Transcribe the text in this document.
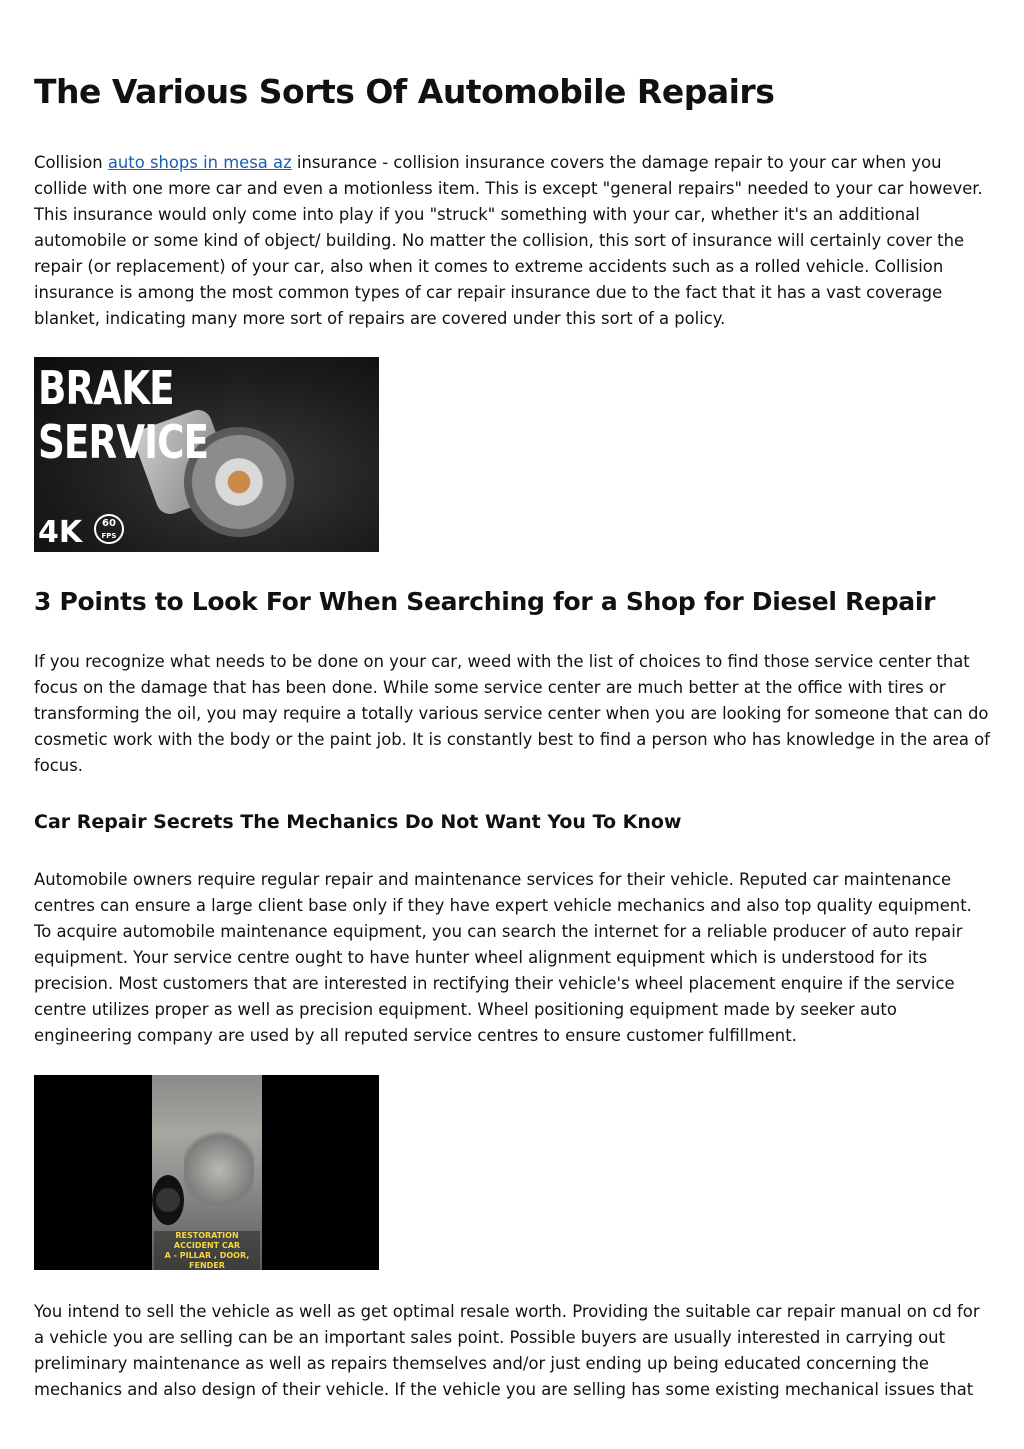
The Various Sorts Of Automobile Repairs

Collision auto shops in mesa az insurance - collision insurance covers the damage repair to your car when you collide with one more car and even a motionless item. This is except "general repairs" needed to your car however. This insurance would only come into play if you "struck" something with your car, whether it's an additional automobile or some kind of object/ building. No matter the collision, this sort of insurance will certainly cover the repair (or replacement) of your car, also when it comes to extreme accidents such as a rolled vehicle. Collision insurance is among the most common types of car repair insurance due to the fact that it has a vast coverage blanket, indicating many more sort of repairs are covered under this sort of a policy.

BRAKE SERVICE
4K	60
FPS
3 Points to Look For When Searching for a Shop for Diesel Repair

If you recognize what needs to be done on your car, weed with the list of choices to find those service center that focus on the damage that has been done. While some service center are much better at the office with tires or transforming the oil, you may require a totally various service center when you are looking for someone that can do cosmetic work with the body or the paint job. It is constantly best to find a person who has knowledge in the area of focus.

Car Repair Secrets The Mechanics Do Not Want You To Know

Automobile owners require regular repair and maintenance services for their vehicle. Reputed car maintenance centres can ensure a large client base only if they have expert vehicle mechanics and also top quality equipment. To acquire automobile maintenance equipment, you can search the internet for a reliable producer of auto repair equipment. Your service centre ought to have hunter wheel alignment equipment which is understood for its precision. Most customers that are interested in rectifying their vehicle's wheel placement enquire if the service centre utilizes proper as well as precision equipment. Wheel positioning equipment made by seeker auto engineering company are used by all reputed service centres to ensure customer fulfillment.

RESTORATION ACCIDENT CAR
A - PILLAR , DOOR, FENDER

You intend to sell the vehicle as well as get optimal resale worth. Providing the suitable car repair manual on cd for a vehicle you are selling can be an important sales point. Possible buyers are usually interested in carrying out preliminary maintenance as well as repairs themselves and/or just ending up being educated concerning the mechanics and also design of their vehicle. If the vehicle you are selling has some existing mechanical issues that
